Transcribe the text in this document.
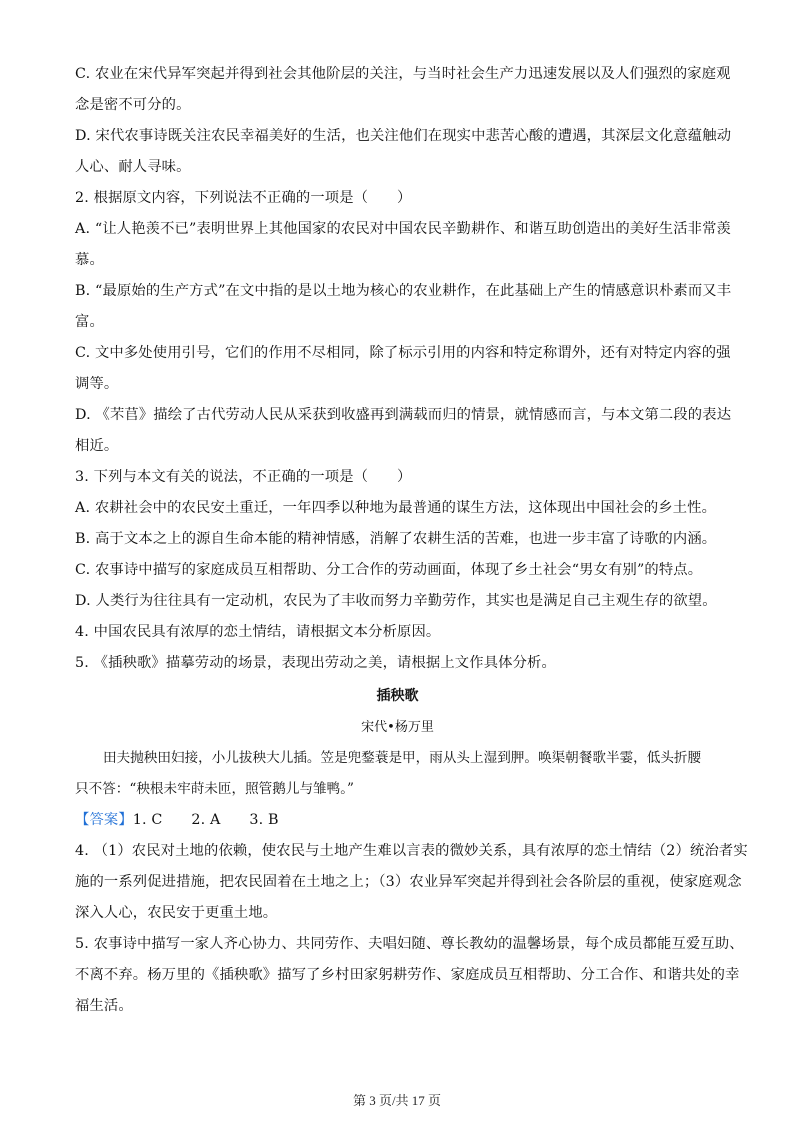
C. 农业在宋代异军突起并得到社会其他阶层的关注，与当时社会生产力迅速发展以及人们强烈的家庭观

念是密不可分的。

D. 宋代农事诗既关注农民幸福美好的生活，也关注他们在现实中悲苦心酸的遭遇，其深层文化意蕴触动

人心、耐人寻味。

2. 根据原文内容，下列说法不正确的一项是（　　）

A. “让人艳羡不已”表明世界上其他国家的农民对中国农民辛勤耕作、和谐互助创造出的美好生活非常羡

慕。

B. “最原始的生产方式”在文中指的是以土地为核心的农业耕作，在此基础上产生的情感意识朴素而又丰

富。

C. 文中多处使用引号，它们的作用不尽相同，除了标示引用的内容和特定称谓外，还有对特定内容的强

调等。

D. 《芣苢》描绘了古代劳动人民从采获到收盛再到满载而归的情景，就情感而言，与本文第二段的表达

相近。

3. 下列与本文有关的说法，不正确的一项是（　　）

A. 农耕社会中的农民安土重迁，一年四季以种地为最普通的谋生方法，这体现出中国社会的乡土性。

B. 高于文本之上的源自生命本能的精神情感，消解了农耕生活的苦难，也进一步丰富了诗歌的内涵。

C. 农事诗中描写的家庭成员互相帮助、分工合作的劳动画面，体现了乡土社会“男女有别”的特点。

D. 人类行为往往具有一定动机，农民为了丰收而努力辛勤劳作，其实也是满足自己主观生存的欲望。

4. 中国农民具有浓厚的恋土情结，请根据文本分析原因。

5. 《插秧歌》描摹劳动的场景，表现出劳动之美，请根据上文作具体分析。

插秧歌

宋代•杨万里

田夫抛秧田妇接，小儿拔秧大儿插。笠是兜鍪蓑是甲，雨从头上湿到胛。唤渠朝餐歌半霎，低头折腰

只不答：“秧根未牢莳未匝，照管鹅儿与雏鸭。”

【答案】1. C　　2. A　　3. B

4. （1）农民对土地的依赖，使农民与土地产生难以言表的微妙关系，具有浓厚的恋土情结（2）统治者实

施的一系列促进措施，把农民固着在土地之上；（3）农业异军突起并得到社会各阶层的重视，使家庭观念

深入人心，农民安于更重土地。

5. 农事诗中描写一家人齐心协力、共同劳作、夫唱妇随、尊长教幼的温馨场景，每个成员都能互爱互助、

不离不弃。杨万里的《插秧歌》描写了乡村田家躬耕劳作、家庭成员互相帮助、分工合作、和谐共处的幸

福生活。

第 3 页/共 17 页
